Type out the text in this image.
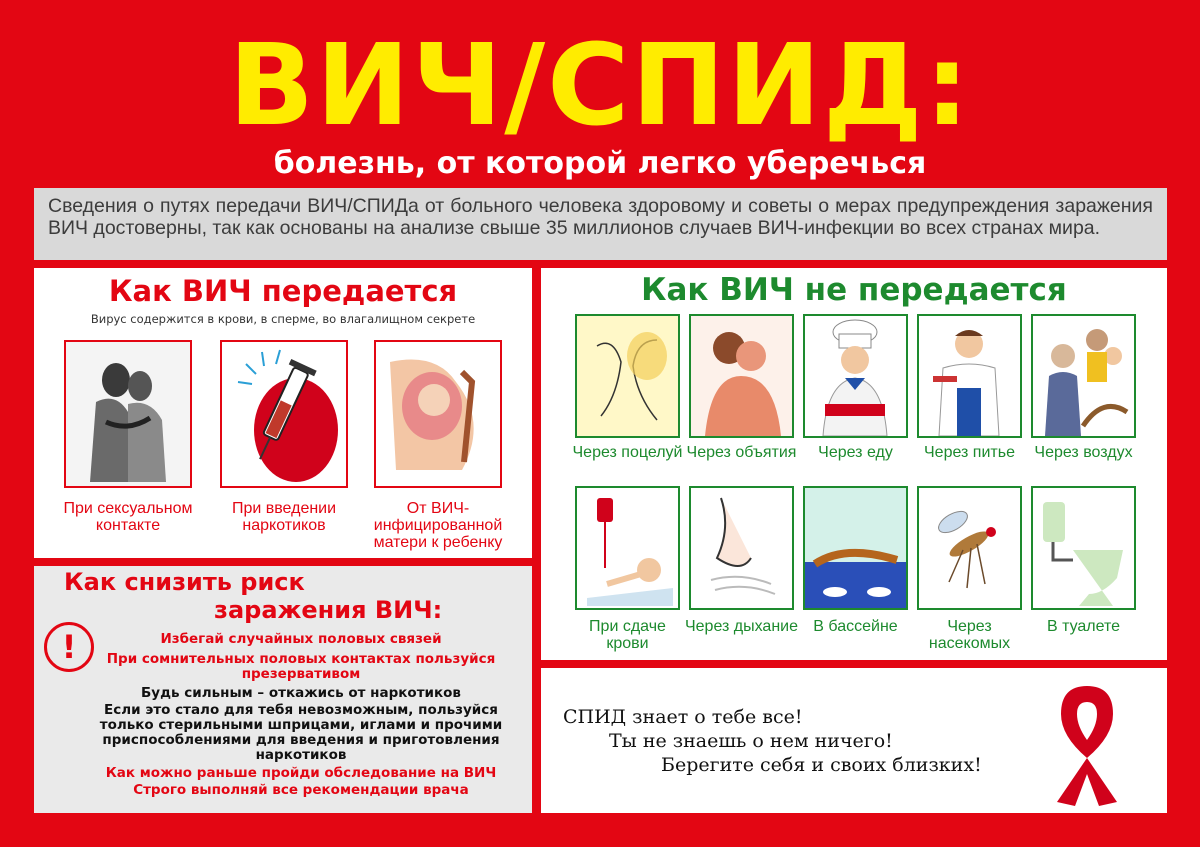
ВИЧ/СПИД:
болезнь, от которой легко уберечься
Сведения о путях передачи ВИЧ/СПИДа от больного человека здоровому и советы о мерах предупреждения заражения ВИЧ достоверны, так как основаны на анализе свыше 35 миллионов случаев ВИЧ-инфекции во всех странах мира.
Как ВИЧ передается
Вирус содержится в крови, в сперме, во влагалищном секрете
При сексуальном контакте
При введении наркотиков
От ВИЧ-инфицированной матери к ребенку
Как снизить риск
заражения ВИЧ:
!	Избегай случайных половых связей
При сомнительных половых контактах пользуйся презервативом
Будь сильным – откажись от наркотиков
Если это стало для тебя невозможным, пользуйся только стерильными шприцами, иглами и прочими приспособлениями для введения и приготовления наркотиков
Как можно раньше пройди обследование на ВИЧ
Строго выполняй все рекомендации врача
Как ВИЧ не передается
Через поцелуй Через объятия	Через еду	Через питье	Через воздух
При сдаче крови
Через дыхание В бассейне	Через насекомых
В туалете
СПИД знает о тебе все!
Ты не знаешь о нем ничего!
Берегите себя и своих близких!
